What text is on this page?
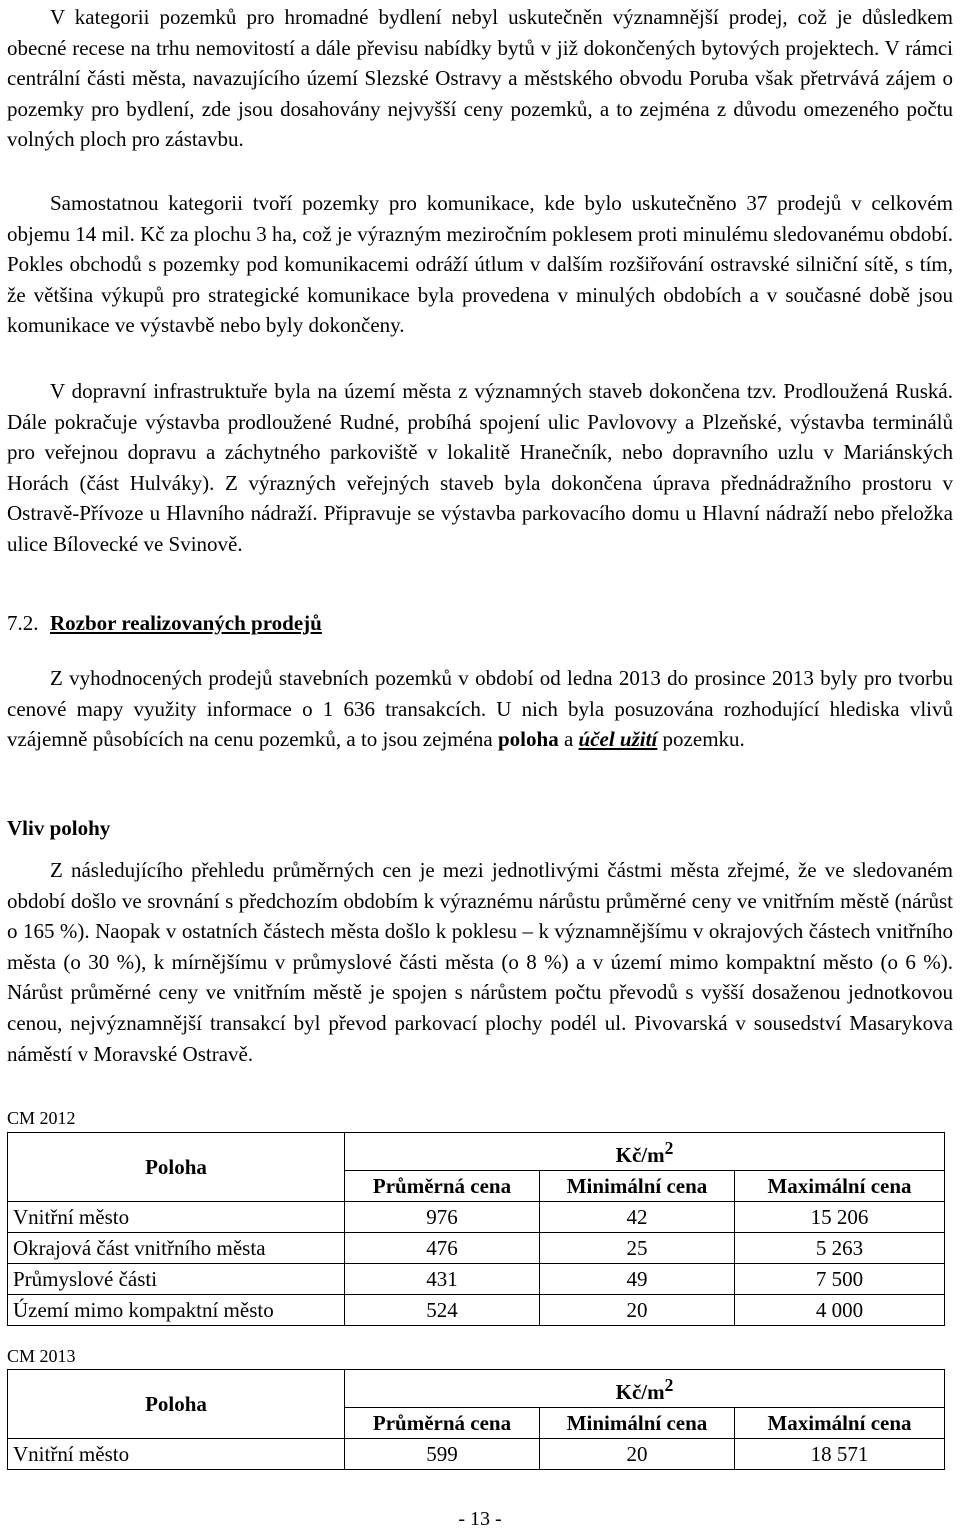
V kategorii pozemků pro hromadné bydlení nebyl uskutečněn významnější prodej, což je důsledkem obecné recese na trhu nemovitostí a dále převisu nabídky bytů v již dokončených bytových projektech. V rámci centrální části města, navazujícího území Slezské Ostravy a městského obvodu Poruba však přetrvává zájem o pozemky pro bydlení, zde jsou dosahovány nejvyšší ceny pozemků, a to zejména z důvodu omezeného počtu volných ploch pro zástavbu.

Samostatnou kategorii tvoří pozemky pro komunikace, kde bylo uskutečněno 37 prodejů v celkovém objemu 14 mil. Kč za plochu 3 ha, což je výrazným meziročním poklesem proti minulému sledovanému období. Pokles obchodů s pozemky pod komunikacemi odráží útlum v dalším rozšiřování ostravské silniční sítě, s tím, že většina výkupů pro strategické komunikace byla provedena v minulých obdobích a v současné době jsou komunikace ve výstavbě nebo byly dokončeny.

V dopravní infrastruktuře byla na území města z významných staveb dokončena tzv. Prodloužená Ruská. Dále pokračuje výstavba prodloužené Rudné, probíhá spojení ulic Pavlovovy a Plzeňské, výstavba terminálů pro veřejnou dopravu a záchytného parkoviště v lokalitě Hranečník, nebo dopravního uzlu v Mariánských Horách (část Hulváky). Z výrazných veřejných staveb byla dokončena úprava přednádražního prostoru v Ostravě-Přívoze u Hlavního nádraží. Připravuje se výstavba parkovacího domu u Hlavní nádraží nebo přeložka ulice Bílovecké ve Svinově.

7.2. Rozbor realizovaných prodejů

Z vyhodnocených prodejů stavebních pozemků v období od ledna 2013 do prosince 2013 byly pro tvorbu cenové mapy využity informace o 1 636 transakcích. U nich byla posuzována rozhodující hlediska vlivů vzájemně působících na cenu pozemků, a to jsou zejména poloha a účel užití pozemku.

Vliv polohy

Z následujícího přehledu průměrných cen je mezi jednotlivými částmi města zřejmé, že ve sledovaném období došlo ve srovnání s předchozím obdobím k výraznému nárůstu průměrné ceny ve vnitřním městě (nárůst o 165 %). Naopak v ostatních částech města došlo k poklesu – k významnějšímu v okrajových částech vnitřního města (o 30 %), k mírnějšímu v průmyslové části města (o 8 %) a v území mimo kompaktní město (o 6 %). Nárůst průměrné ceny ve vnitřním městě je spojen s nárůstem počtu převodů s vyšší dosaženou jednotkovou cenou, nejvýznamnější transakcí byl převod parkovací plochy podél ul. Pivovarská v sousedství Masarykova náměstí v Moravské Ostravě.

CM 2012
Poloha	$Kč/m^2$
	Průměrná cena	Minimální cena	Maximální cena
Vnitřní město	976	42	15 206
Okrajová část vnitřního města	476	25	5 263
Průmyslové části	431	49	7 500
Území mimo kompaktní město	524	20	4 000
CM 2013
Poloha	$Kč/m^2$
	Průměrná cena	Minimální cena	Maximální cena
Vnitřní město	599	20	18 571
- 13 -
